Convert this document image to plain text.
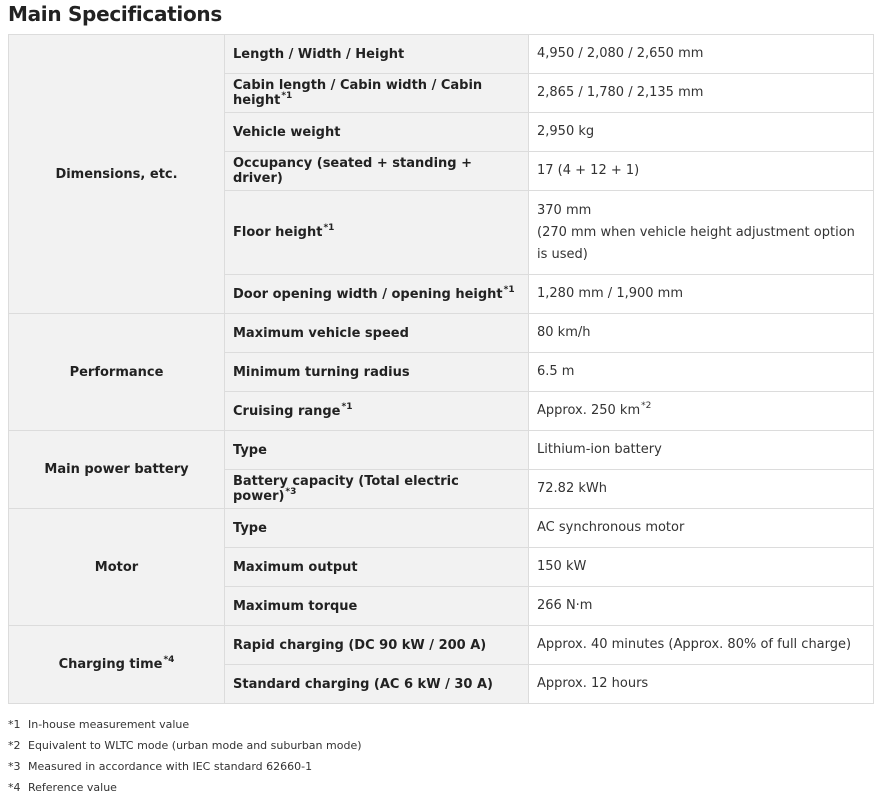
Main Specifications
Dimensions, etc.	Length / Width / Height	4,950 / 2,080 / 2,650 mm
	Cabin length / Cabin width / Cabin height$^{*1}$	2,865 / 1,780 / 2,135 mm
	Vehicle weight	2,950 kg
	Occupancy (seated + standing + driver)	17 (4 + 12 + 1)
	Floor height$^{*1}$	370 mm
(270 mm when vehicle height adjustment option is used)

	Door opening width / opening height$^{*1}$	1,280 mm / 1,900 mm
Performance	Maximum vehicle speed	80 km/h
	Minimum turning radius	6.5 m
	Cruising range$^{*1}$	Approx. 250 $km^{*2}$
Main power battery	Type	Lithium-ion battery
	Battery capacity (Total electric power)$^{*3}$	72.82 kWh
Motor	Type	AC synchronous motor
	Maximum output	150 kW
	Maximum torque	266 N·m
Charging time$^{*4}$	Rapid charging (DC 90 kW / 200 A)	Approx. 40 minutes (Approx. 80% of full charge)
	Standard charging (AC 6 kW / 30 A)	Approx. 12 hours
*1 In-house measurement value
*2 Equivalent to WLTC mode (urban mode and suburban mode)
*3 Measured in accordance with IEC standard 62660-1
*4 Reference value
